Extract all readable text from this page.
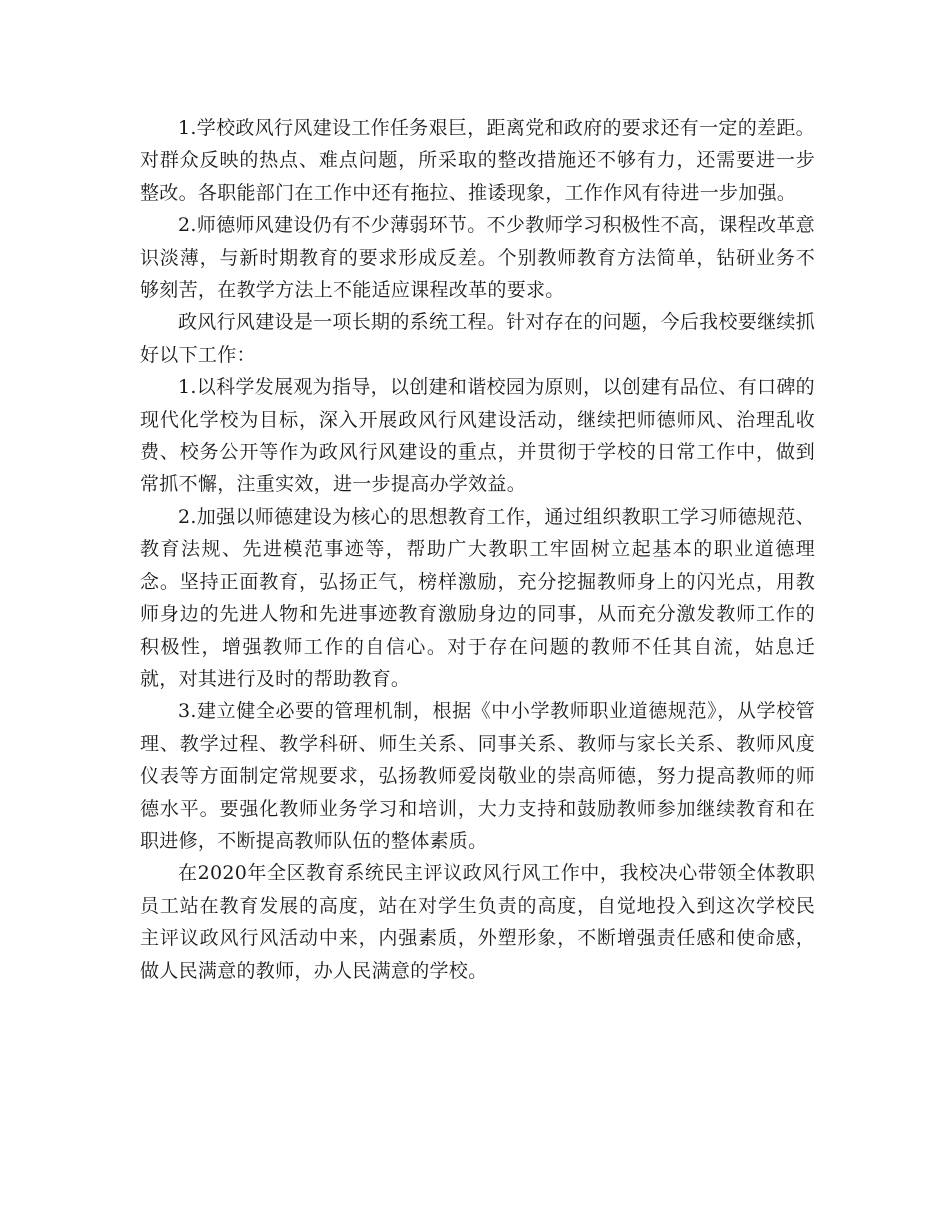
1.学校政风行风建设工作任务艰巨，距离党和政府的要求还有一定的差距。对群众反映的热点、难点问题，所采取的整改措施还不够有力，还需要进一步整改。各职能部门在工作中还有拖拉、推诿现象，工作作风有待进一步加强。

2.师德师风建设仍有不少薄弱环节。不少教师学习积极性不高，课程改革意识淡薄，与新时期教育的要求形成反差。个别教师教育方法简单，钻研业务不够刻苦，在教学方法上不能适应课程改革的要求。

政风行风建设是一项长期的系统工程。针对存在的问题，今后我校要继续抓好以下工作：

1.以科学发展观为指导，以创建和谐校园为原则，以创建有品位、有口碑的现代化学校为目标，深入开展政风行风建设活动，继续把师德师风、治理乱收费、校务公开等作为政风行风建设的重点，并贯彻于学校的日常工作中，做到常抓不懈，注重实效，进一步提高办学效益。

2.加强以师德建设为核心的思想教育工作，通过组织教职工学习师德规范、教育法规、先进模范事迹等，帮助广大教职工牢固树立起基本的职业道德理念。坚持正面教育，弘扬正气，榜样激励，充分挖掘教师身上的闪光点，用教师身边的先进人物和先进事迹教育激励身边的同事，从而充分激发教师工作的积极性，增强教师工作的自信心。对于存在问题的教师不任其自流，姑息迁就，对其进行及时的帮助教育。

3.建立健全必要的管理机制，根据《中小学教师职业道德规范》，从学校管理、教学过程、教学科研、师生关系、同事关系、教师与家长关系、教师风度仪表等方面制定常规要求，弘扬教师爱岗敬业的崇高师德，努力提高教师的师德水平。要强化教师业务学习和培训，大力支持和鼓励教师参加继续教育和在职进修，不断提高教师队伍的整体素质。

在2020年全区教育系统民主评议政风行风工作中，我校决心带领全体教职员工站在教育发展的高度，站在对学生负责的高度，自觉地投入到这次学校民主评议政风行风活动中来，内强素质，外塑形象，不断增强责任感和使命感，做人民满意的教师，办人民满意的学校。
